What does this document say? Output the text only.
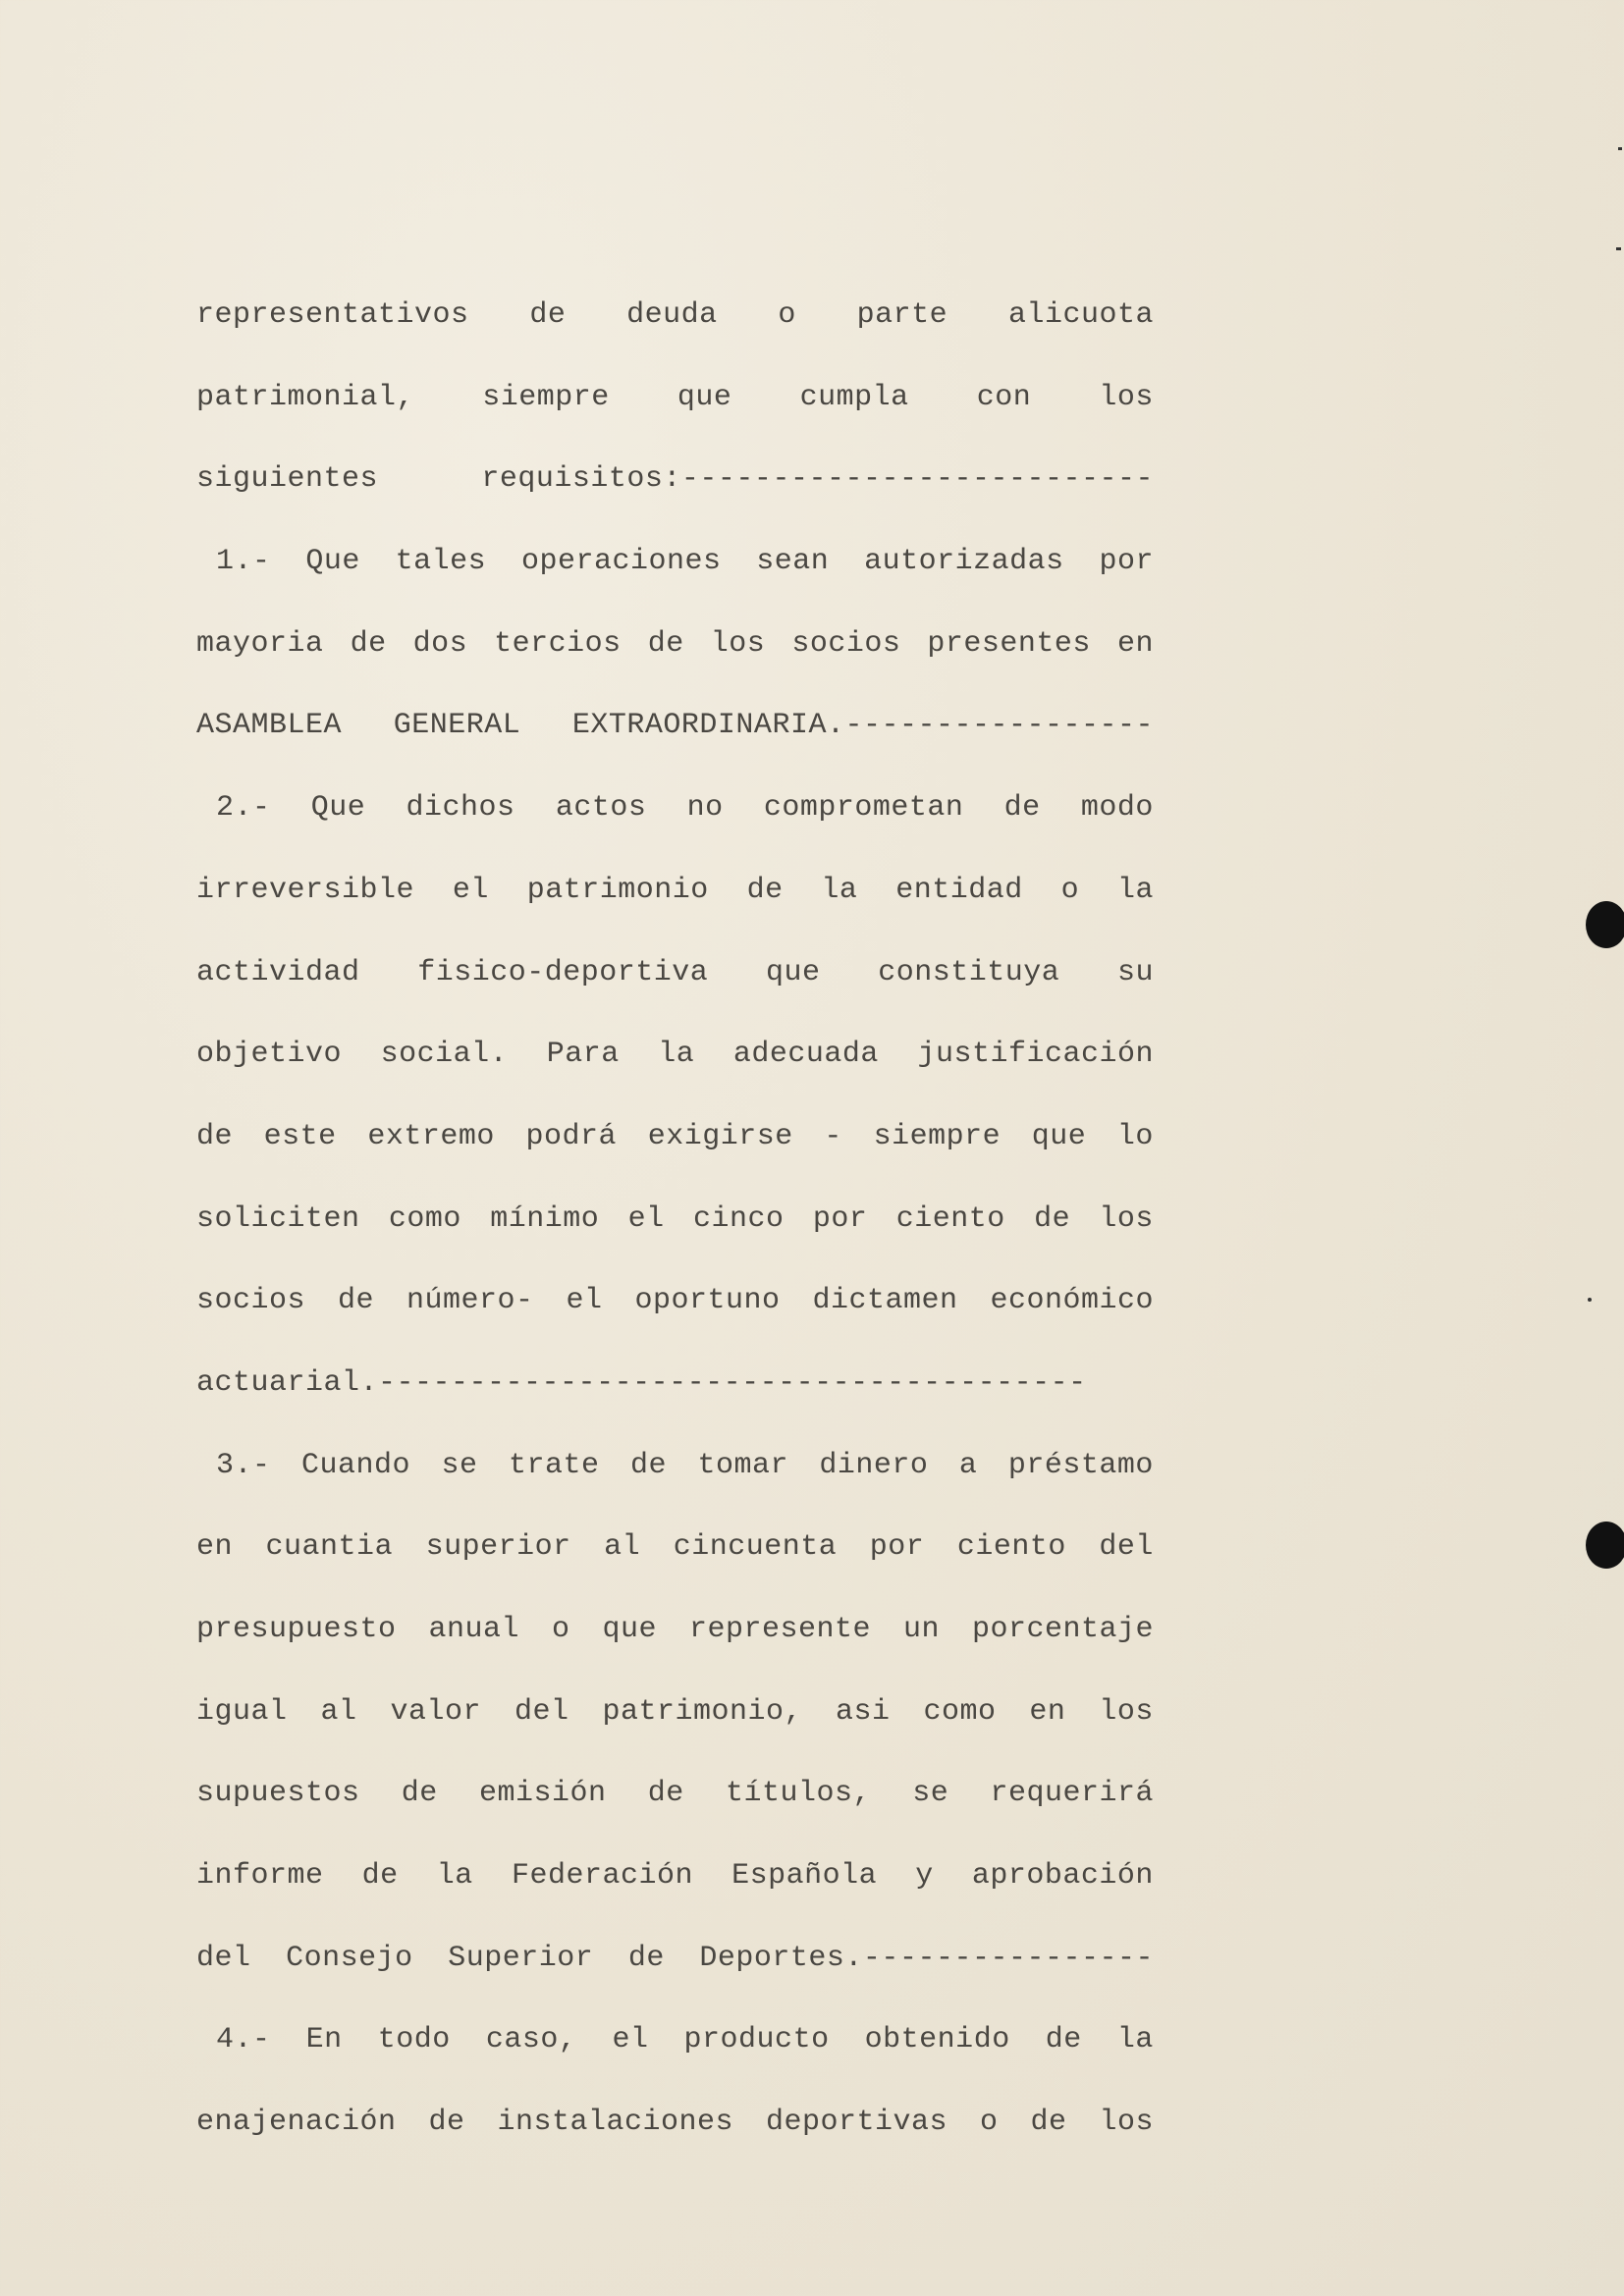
representativos de deuda o parte alicuota
patrimonial, siempre que cumpla con los
siguientes	requisitos:--------------------------
1.- Que tales operaciones sean autorizadas por
mayoria de dos tercios de los socios presentes en
ASAMBLEA GENERAL EXTRAORDINARIA.-----------------
2.- Que dichos actos no comprometan de modo
irreversible el patrimonio de la entidad o la
actividad fisico-deportiva que constituya su
objetivo social. Para la adecuada justificación
de este extremo podrá exigirse - siempre que lo
soliciten como mínimo el cinco por ciento de los
socios de número- el oportuno dictamen económico
actuarial.---------------------------------------
3.- Cuando se trate de tomar dinero a préstamo
en cuantia superior al cincuenta por ciento del
presupuesto anual o que represente un porcentaje
igual al valor del patrimonio, asi como en los
supuestos de emisión de títulos, se requerirá
informe de la Federación Española y aprobación
del Consejo Superior de Deportes.----------------
4.- En todo caso, el producto obtenido de la
enajenación de instalaciones deportivas o de los
